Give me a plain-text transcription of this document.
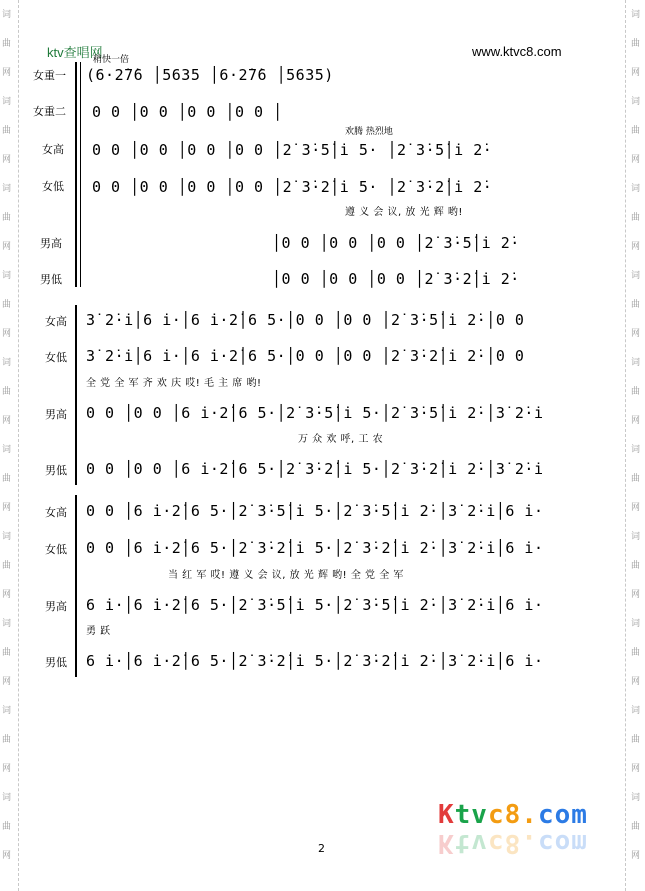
词
曲
网
词
曲
网
词
曲
网
词
曲
网
词
曲
网
词
曲
网
词
曲
网
词
曲
网
词
曲
网
词
曲
网
词
曲
网
词
曲
网
词
曲
网
词
曲
网
词
曲
网
词
曲
网
词
曲
网
词
曲
网
词
曲
网
词
曲
网
ktv查唱网
稍快一倍
www.ktvc8.com
女重一 (6·2̇7̇6 │5635 │6·2̇7̇6 │5635)
女重二 0 0 │0 0 │0 0 │0 0 │
欢腾 热烈地
女高 0 0 │0 0 │0 0 │0 0 │2̇ 3̇·5̇│i̇ 5· │2̇ 3̇·5̇│i̇ 2̇·
女低 0 0 │0 0 │0 0 │0 0 │2̇ 3̇·2̇│i̇ 5· │2̇ 3̇·2̇│i̇ 2̇·
遵 义 会 议, 放 光 辉 哟!
男高	│0 0 │0 0 │0 0 │2̇ 3̇·5̇│i̇ 2̇·
男低	│0 0 │0 0 │0 0 │2̇ 3̇·2̇│i̇ 2̇·
女高 3̇ 2̇·i̇│6 i̇·│6 i̇·2̇│6 5·│0 0 │0 0 │2̇ 3̇·5̇│i̇ 2̇·│0 0
女低 3̇ 2̇·i̇│6 i̇·│6 i̇·2̇│6 5·│0 0 │0 0 │2̇ 3̇·2̇│i̇ 2̇·│0 0
全 党 全 军 齐 欢 庆 哎! 毛 主 席 哟!
男高 0 0 │0 0 │6 i̇·2̇│6 5·│2̇ 3̇·5̇│i̇ 5·│2̇ 3̇·5̇│i̇ 2̇·│3̇ 2̇·i̇
万 众 欢 呼, 工 农
男低 0 0 │0 0 │6 i̇·2̇│6 5·│2̇ 3̇·2̇│i̇ 5·│2̇ 3̇·2̇│i̇ 2̇·│3̇ 2̇·i̇
女高 0 0 │6 i̇·2̇│6 5·│2̇ 3̇·5̇│i̇ 5·│2̇ 3̇·5̇│i̇ 2̇·│3̇ 2̇·i̇│6 i̇·
女低 0 0 │6 i̇·2̇│6 5·│2̇ 3̇·2̇│i̇ 5·│2̇ 3̇·2̇│i̇ 2̇·│3̇ 2̇·i̇│6 i̇·
当 红 军 哎! 遵 义 会 议, 放 光 辉 哟! 全 党 全 军
男高 6 i̇·│6 i̇·2̇│6 5·│2̇ 3̇·5̇│i̇ 5·│2̇ 3̇·5̇│i̇ 2̇·│3̇ 2̇·i̇│6 i̇·
勇 跃
男低 6 i̇·│6 i̇·2̇│6 5·│2̇ 3̇·2̇│i̇ 5·│2̇ 3̇·2̇│i̇ 2̇·│3̇ 2̇·i̇│6 i̇·
Ktvc8.com
Ktvc8.com
2
